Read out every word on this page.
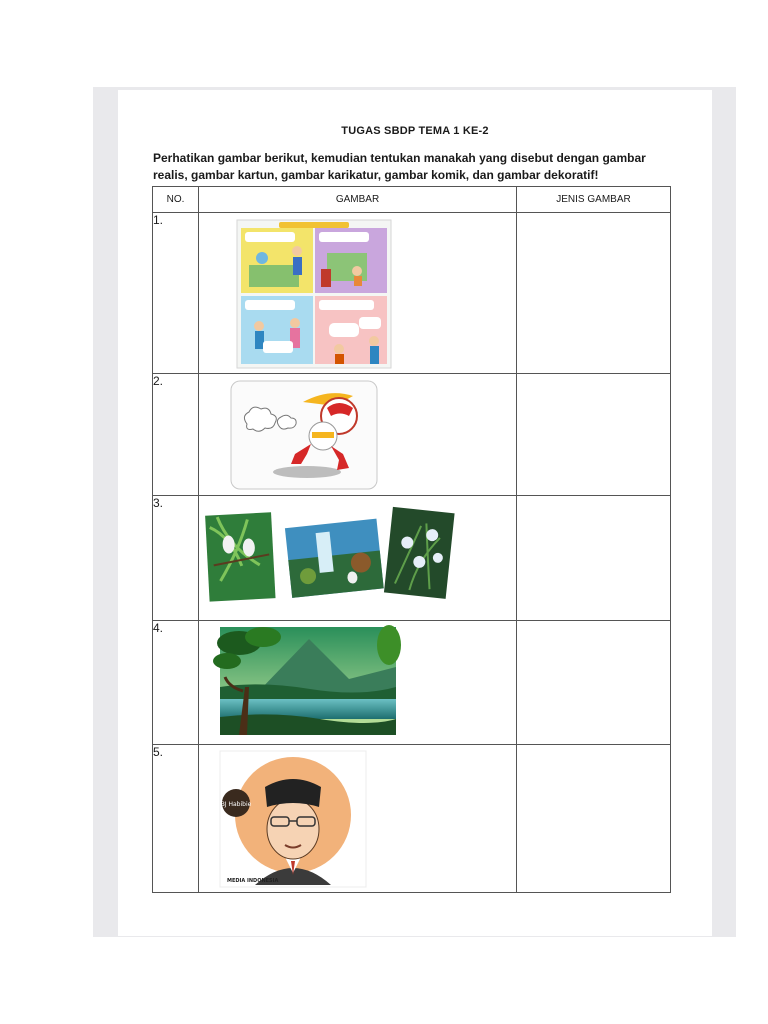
TUGAS SBDP TEMA 1 KE-2
Perhatikan gambar berikut, kemudian tentukan manakah yang disebut dengan gambar realis, gambar kartun, gambar karikatur, gambar komik, dan gambar dekoratif!
NO.	GAMBAR	JENIS GAMBAR
1.	

2.	

3.	

4.	

5.	BJ Habibie
MEDIA INDONESIA	
